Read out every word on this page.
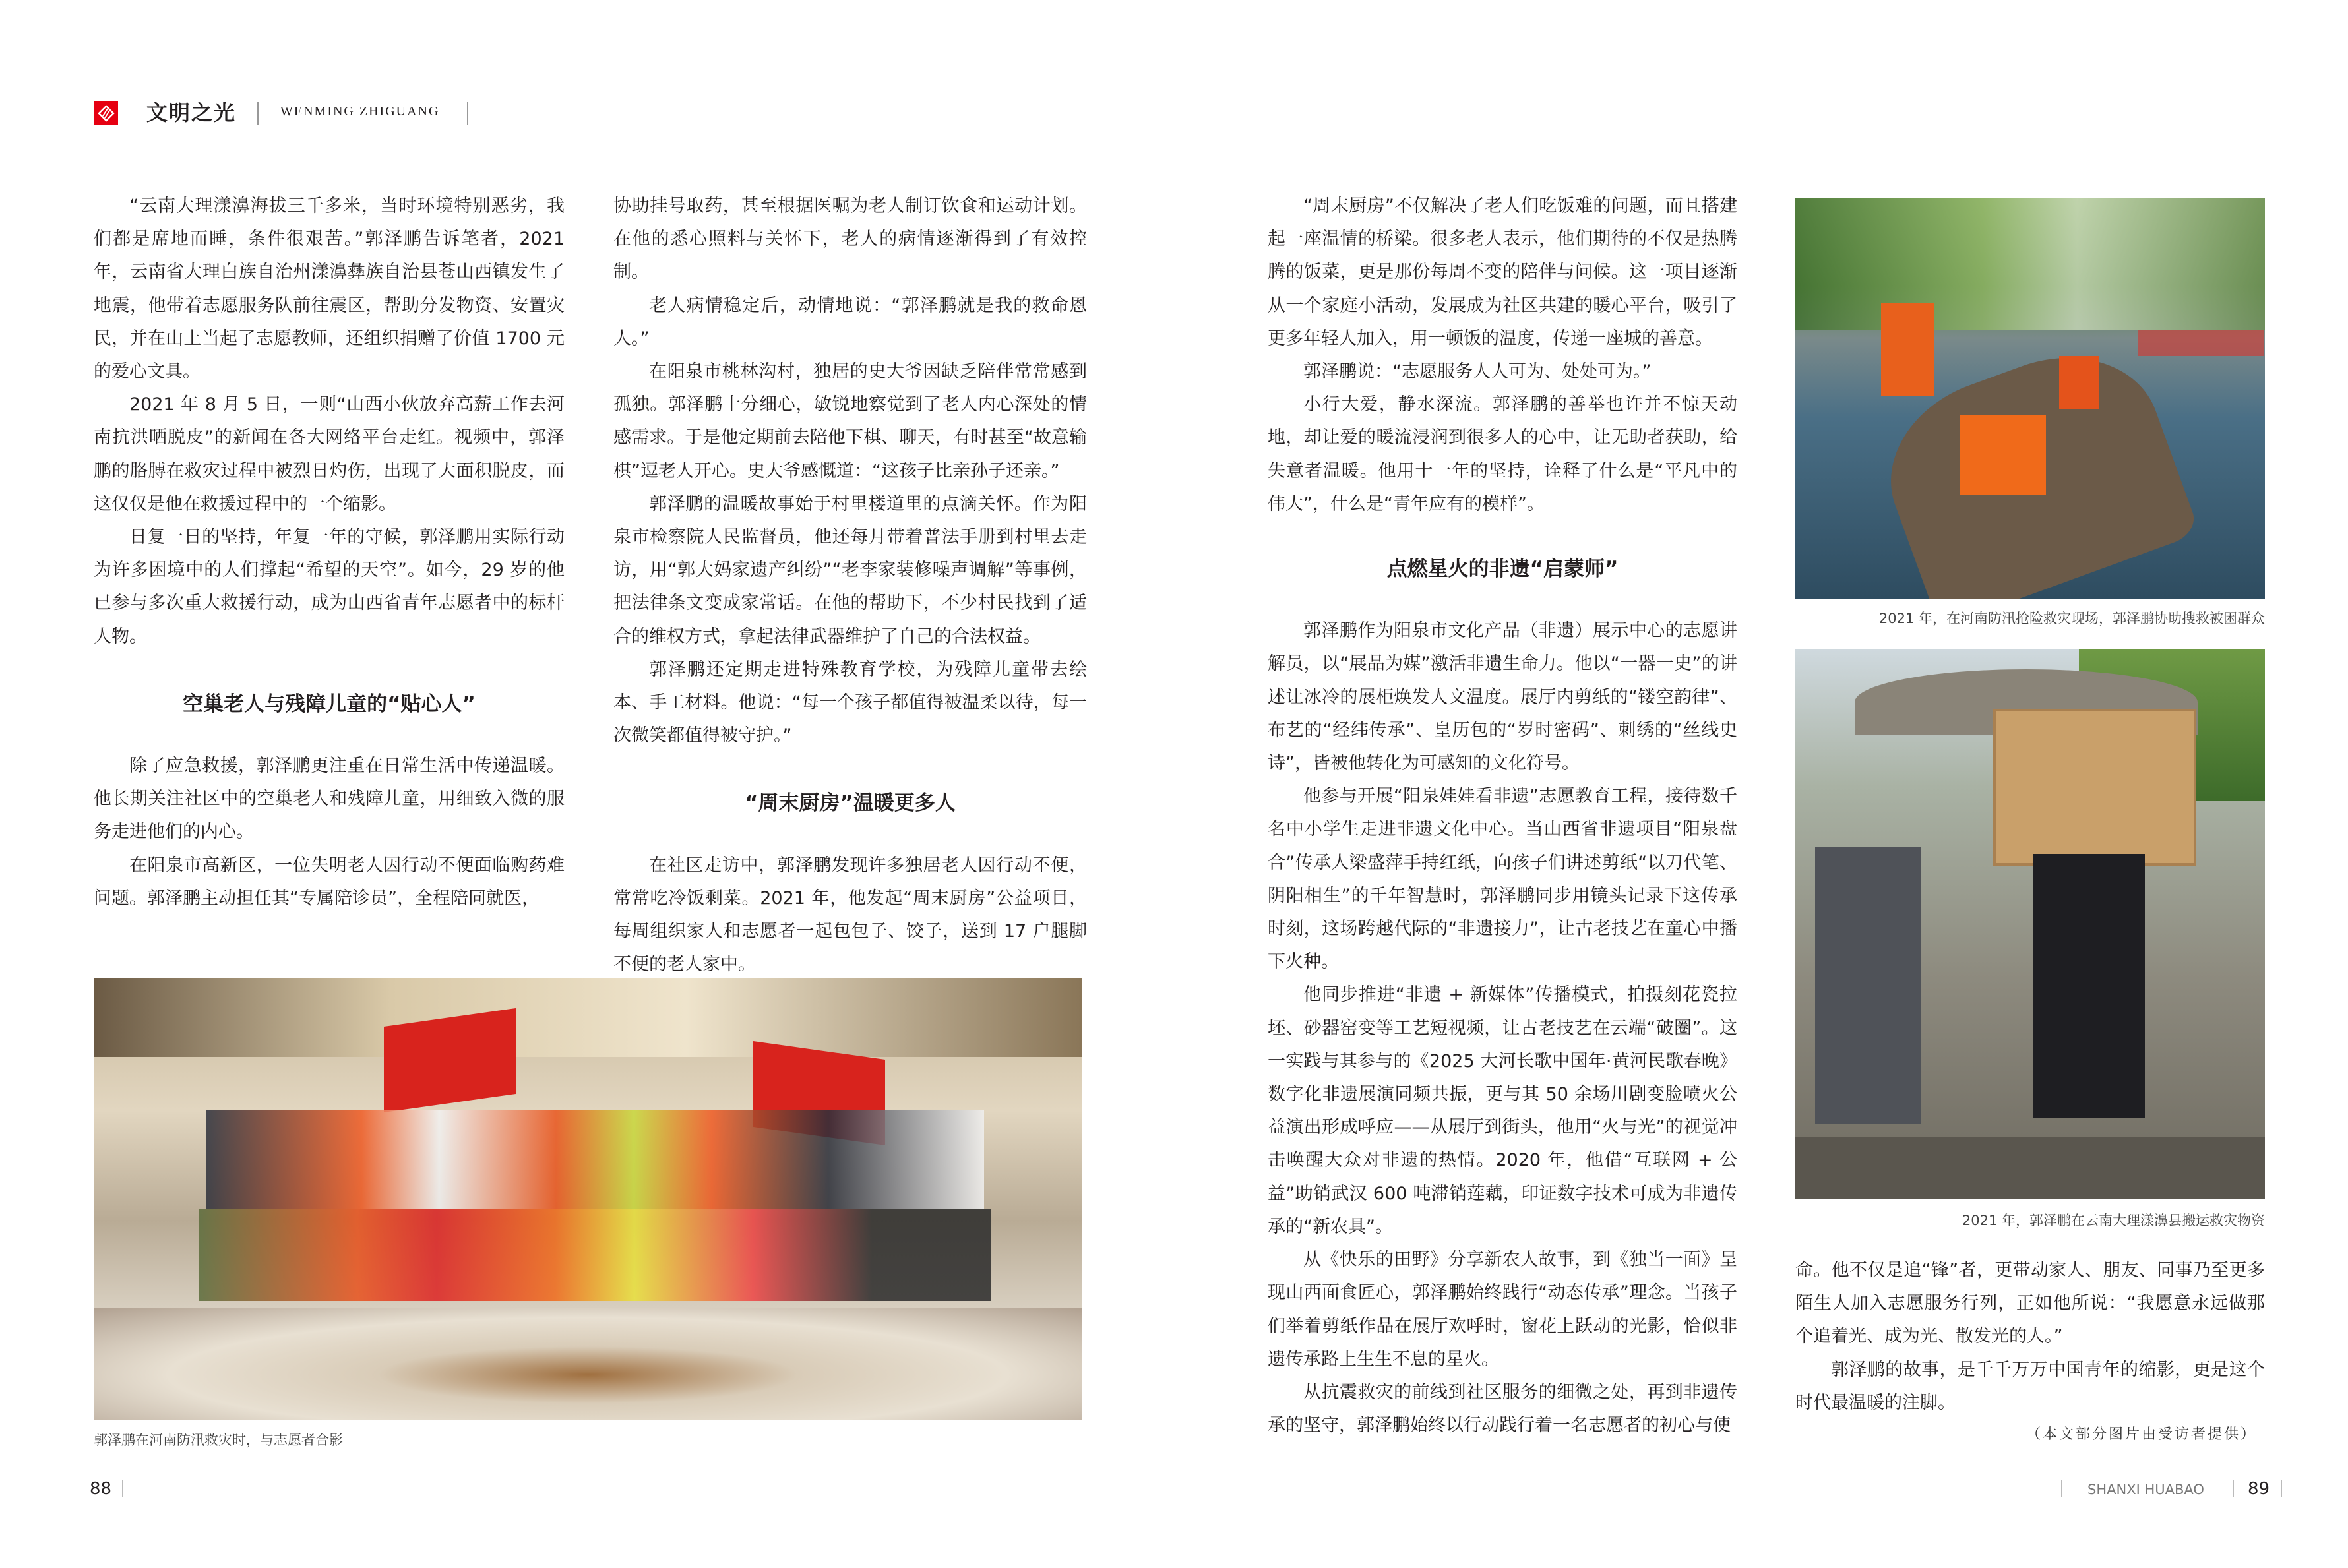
文明之光	WENMING ZHIGUANG

“云南大理漾濞海拔三千多米，当时环境特别恶劣，我们都是席地而睡，条件很艰苦。”郭泽鹏告诉笔者，2021年，云南省大理白族自治州漾濞彝族自治县苍山西镇发生了地震，他带着志愿服务队前往震区，帮助分发物资、安置灾民，并在山上当起了志愿教师，还组织捐赠了价值 1700 元的爱心文具。

2021 年 8 月 5 日，一则“山西小伙放弃高薪工作去河南抗洪晒脱皮”的新闻在各大网络平台走红。视频中，郭泽鹏的胳膊在救灾过程中被烈日灼伤，出现了大面积脱皮，而这仅仅是他在救援过程中的一个缩影。

日复一日的坚持，年复一年的守候，郭泽鹏用实际行动为许多困境中的人们撑起“希望的天空”。如今，29 岁的他已参与多次重大救援行动，成为山西省青年志愿者中的标杆人物。

空巢老人与残障儿童的“贴心人”

除了应急救援，郭泽鹏更注重在日常生活中传递温暖。他长期关注社区中的空巢老人和残障儿童，用细致入微的服务走进他们的内心。

在阳泉市高新区，一位失明老人因行动不便面临购药难问题。郭泽鹏主动担任其“专属陪诊员”，全程陪同就医，

协助挂号取药，甚至根据医嘱为老人制订饮食和运动计划。在他的悉心照料与关怀下，老人的病情逐渐得到了有效控制。

老人病情稳定后，动情地说：“郭泽鹏就是我的救命恩人。”

在阳泉市桃林沟村，独居的史大爷因缺乏陪伴常常感到孤独。郭泽鹏十分细心，敏锐地察觉到了老人内心深处的情感需求。于是他定期前去陪他下棋、聊天，有时甚至“故意输棋”逗老人开心。史大爷感慨道：“这孩子比亲孙子还亲。”

郭泽鹏的温暖故事始于村里楼道里的点滴关怀。作为阳泉市检察院人民监督员，他还每月带着普法手册到村里去走访，用“郭大妈家遗产纠纷”“老李家装修噪声调解”等事例，把法律条文变成家常话。在他的帮助下，不少村民找到了适合的维权方式，拿起法律武器维护了自己的合法权益。

郭泽鹏还定期走进特殊教育学校，为残障儿童带去绘本、手工材料。他说：“每一个孩子都值得被温柔以待，每一次微笑都值得被守护。”

“周末厨房”温暖更多人

在社区走访中，郭泽鹏发现许多独居老人因行动不便，常常吃冷饭剩菜。2021 年，他发起“周末厨房”公益项目，每周组织家人和志愿者一起包包子、饺子，送到 17 户腿脚不便的老人家中。

“周末厨房”不仅解决了老人们吃饭难的问题，而且搭建起一座温情的桥梁。很多老人表示，他们期待的不仅是热腾腾的饭菜，更是那份每周不变的陪伴与问候。这一项目逐渐从一个家庭小活动，发展成为社区共建的暖心平台，吸引了更多年轻人加入，用一顿饭的温度，传递一座城的善意。

郭泽鹏说：“志愿服务人人可为、处处可为。”

小行大爱，静水深流。郭泽鹏的善举也许并不惊天动地，却让爱的暖流浸润到很多人的心中，让无助者获助，给失意者温暖。他用十一年的坚持，诠释了什么是“平凡中的伟大”，什么是“青年应有的模样”。

点燃星火的非遗“启蒙师”

郭泽鹏作为阳泉市文化产品（非遗）展示中心的志愿讲解员，以“展品为媒”激活非遗生命力。他以“一器一史”的讲述让冰冷的展柜焕发人文温度。展厅内剪纸的“镂空韵律”、布艺的“经纬传承”、皇历包的“岁时密码”、刺绣的“丝线史诗”，皆被他转化为可感知的文化符号。

他参与开展“阳泉娃娃看非遗”志愿教育工程，接待数千名中小学生走进非遗文化中心。当山西省非遗项目“阳泉盘合”传承人梁盛萍手持红纸，向孩子们讲述剪纸“以刀代笔、阴阳相生”的千年智慧时，郭泽鹏同步用镜头记录下这传承时刻，这场跨越代际的“非遗接力”，让古老技艺在童心中播下火种。

他同步推进“非遗 + 新媒体”传播模式，拍摄刻花瓷拉坯、砂器窑变等工艺短视频，让古老技艺在云端“破圈”。这一实践与其参与的《2025 大河长歌中国年·黄河民歌春晚》数字化非遗展演同频共振，更与其 50 余场川剧变脸喷火公益演出形成呼应——从展厅到街头，他用“火与光”的视觉冲击唤醒大众对非遗的热情。2020 年，他借“互联网 + 公益”助销武汉 600 吨滞销莲藕，印证数字技术可成为非遗传承的“新农具”。

从《快乐的田野》分享新农人故事，到《独当一面》呈现山西面食匠心，郭泽鹏始终践行“动态传承”理念。当孩子们举着剪纸作品在展厅欢呼时，窗花上跃动的光影，恰似非遗传承路上生生不息的星火。

从抗震救灾的前线到社区服务的细微之处，再到非遗传承的坚守，郭泽鹏始终以行动践行着一名志愿者的初心与使

2021 年，在河南防汛抢险救灾现场，郭泽鹏协助搜救被困群众
2021 年，郭泽鹏在云南大理漾濞县搬运救灾物资

命。他不仅是追“锋”者，更带动家人、朋友、同事乃至更多陌生人加入志愿服务行列，正如他所说：“我愿意永远做那个追着光、成为光、散发光的人。”

郭泽鹏的故事，是千千万万中国青年的缩影，更是这个时代最温暖的注脚。

（本文部分图片由受访者提供）
郭泽鹏在河南防汛救灾时，与志愿者合影
88	SHANXI HUABAO	89
